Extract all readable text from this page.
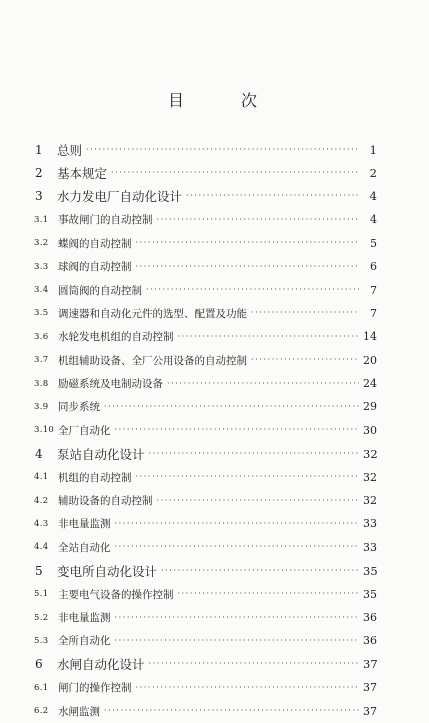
目 次
1	总则 ·····	1
2	基本规定 ·····	2
3	水力发电厂自动化设计 ·····	4
3.1 事故闸门的自动控制 ·····	4
3.2 蝶阀的自动控制 ·····	5
3.3 球阀的自动控制 ·····	6
3.4 圆筒阀的自动控制 ·····	7
3.5 调速器和自动化元件的选型、配置及功能 ·····	7
3.6 水轮发电机组的自动控制 ·····	14
3.7 机组辅助设备、全厂公用设备的自动控制 ·····	20
3.8 励磁系统及电制动设备 ·····	24
3.9 同步系统 ·····	29
3.10 全厂自动化 ·····	30
4	泵站自动化设计 ·····	32
4.1 机组的自动控制 ·····	32
4.2 辅助设备的自动控制 ·····	32
4.3 非电量监测 ·····	33
4.4 全站自动化 ·····	33
5	变电所自动化设计 ·····	35
5.1 主要电气设备的操作控制 ·····	35
5.2 非电量监测 ·····	36
5.3 全所自动化 ·····	36
6	水闸自动化设计 ·····	37
6.1 闸门的操作控制 ·····	37
6.2 水闸监测 ·····	37
